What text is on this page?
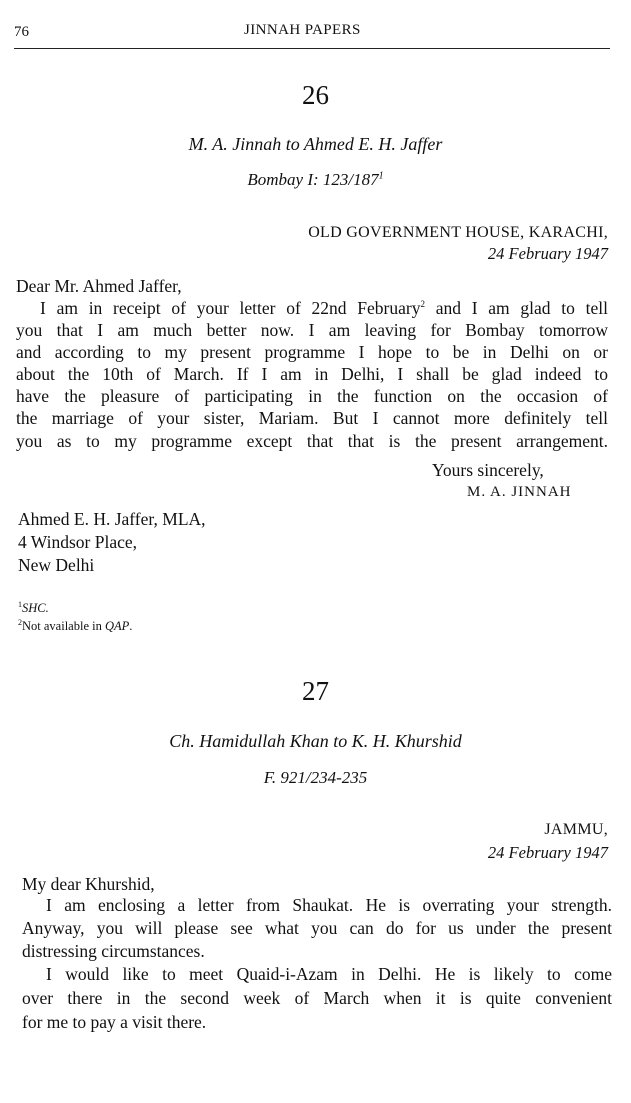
76	JINNAH PAPERS
26
M. A. Jinnah to Ahmed E. H. Jaffer
Bombay I: $123/187^1$
OLD GOVERNMENT HOUSE, KARACHI,
24 February 1947
Dear Mr. Ahmed Jaffer,
I am in receipt of your letter of 22nd February$^2$ and I am glad to tell
you that I am much better now. I am leaving for Bombay tomorrow
and according to my present programme I hope to be in Delhi on or
about the 10th of March. If I am in Delhi, I shall be glad indeed to
have the pleasure of participating in the function on the occasion of
the marriage of your sister, Mariam. But I cannot more definitely tell
you as to my programme except that that is the present arrangement.
Yours sincerely,
M. A. JINNAH
Ahmed E. H. Jaffer, MLA,
4 Windsor Place,
New Delhi
$^1$SHC.
$^2$Not available in QAP.
27
Ch. Hamidullah Khan to K. H. Khurshid
F. 921/234-235
JAMMU,
24 February 1947
My dear Khurshid,
I am enclosing a letter from Shaukat. He is overrating your strength.
Anyway, you will please see what you can do for us under the present
distressing circumstances.
I would like to meet Quaid-i-Azam in Delhi. He is likely to come
over there in the second week of March when it is quite convenient
for me to pay a visit there.
